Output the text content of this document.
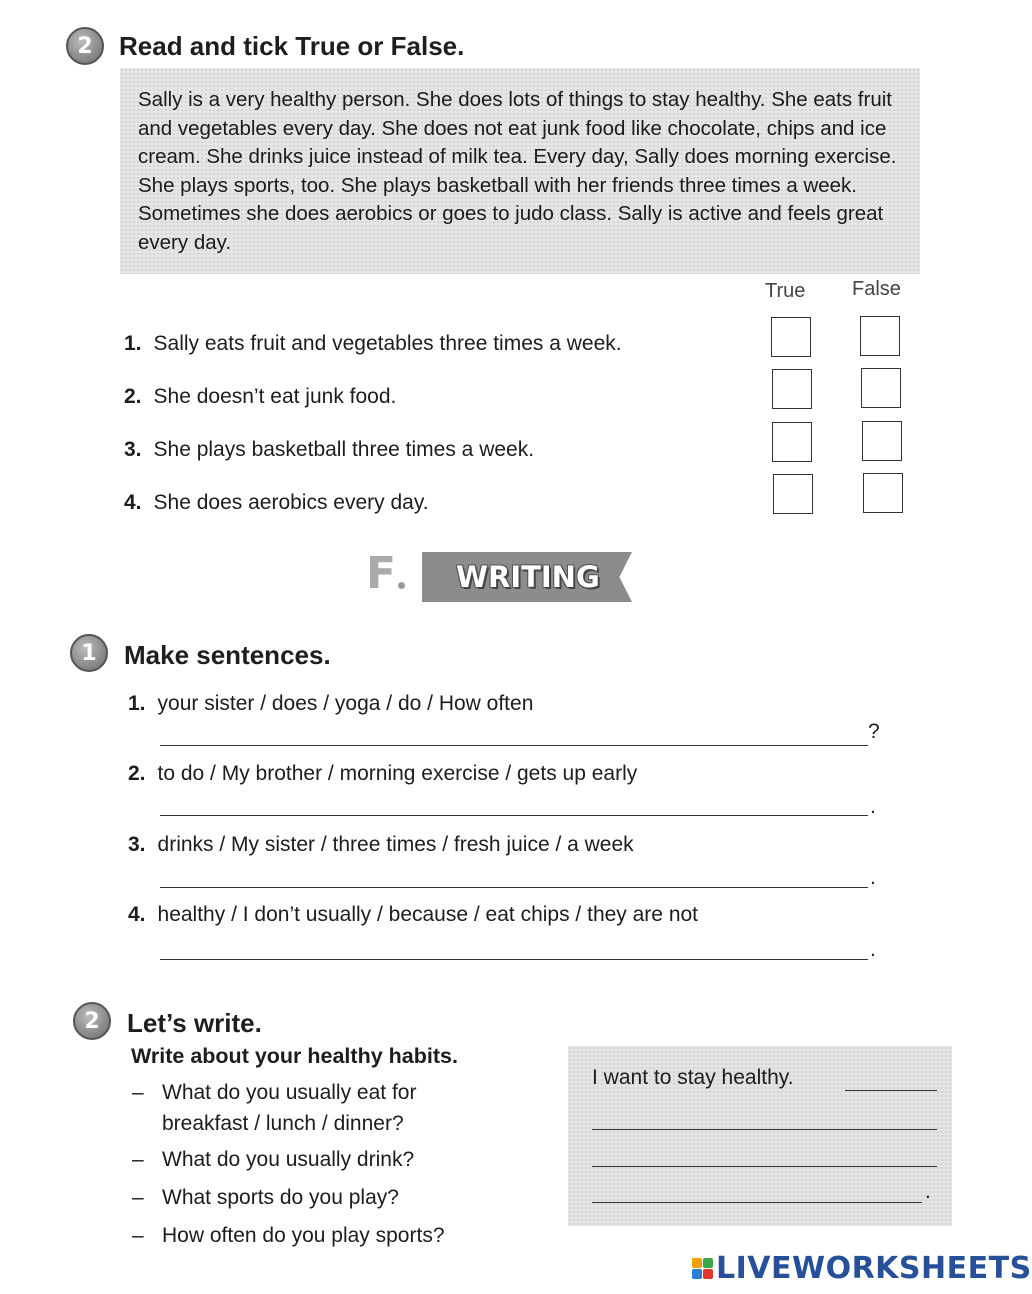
2	Read and tick True or False.
Sally is a very healthy person. She does lots of things to stay healthy. She eats fruit and vegetables every day. She does not eat junk food like chocolate, chips and ice cream. She drinks juice instead of milk tea. Every day, Sally does morning exercise. She plays sports, too. She plays basketball with her friends three times a week. Sometimes she does aerobics or goes to judo class. Sally is active and feels great every day.
True False
1. Sally eats fruit and vegetables three times a week.
2. She doesn’t eat junk food.
3. She plays basketball three times a week.
4. She does aerobics every day.
F WRITING
1	Make sentences.
1. your sister / does / yoga / do / How often
?
2. to do / My brother / morning exercise / gets up early
.
3. drinks / My sister / three times / fresh juice / a week
.
4. healthy / I don’t usually / because / eat chips / they are not
.
2	Let’s write.
Write about your healthy habits.
– What do you usually eat for
breakfast / lunch / dinner?
– What do you usually drink?
– What sports do you play?
– How often do you play sports?
I want to stay healthy.
.
LIVEWORKSHEETS
